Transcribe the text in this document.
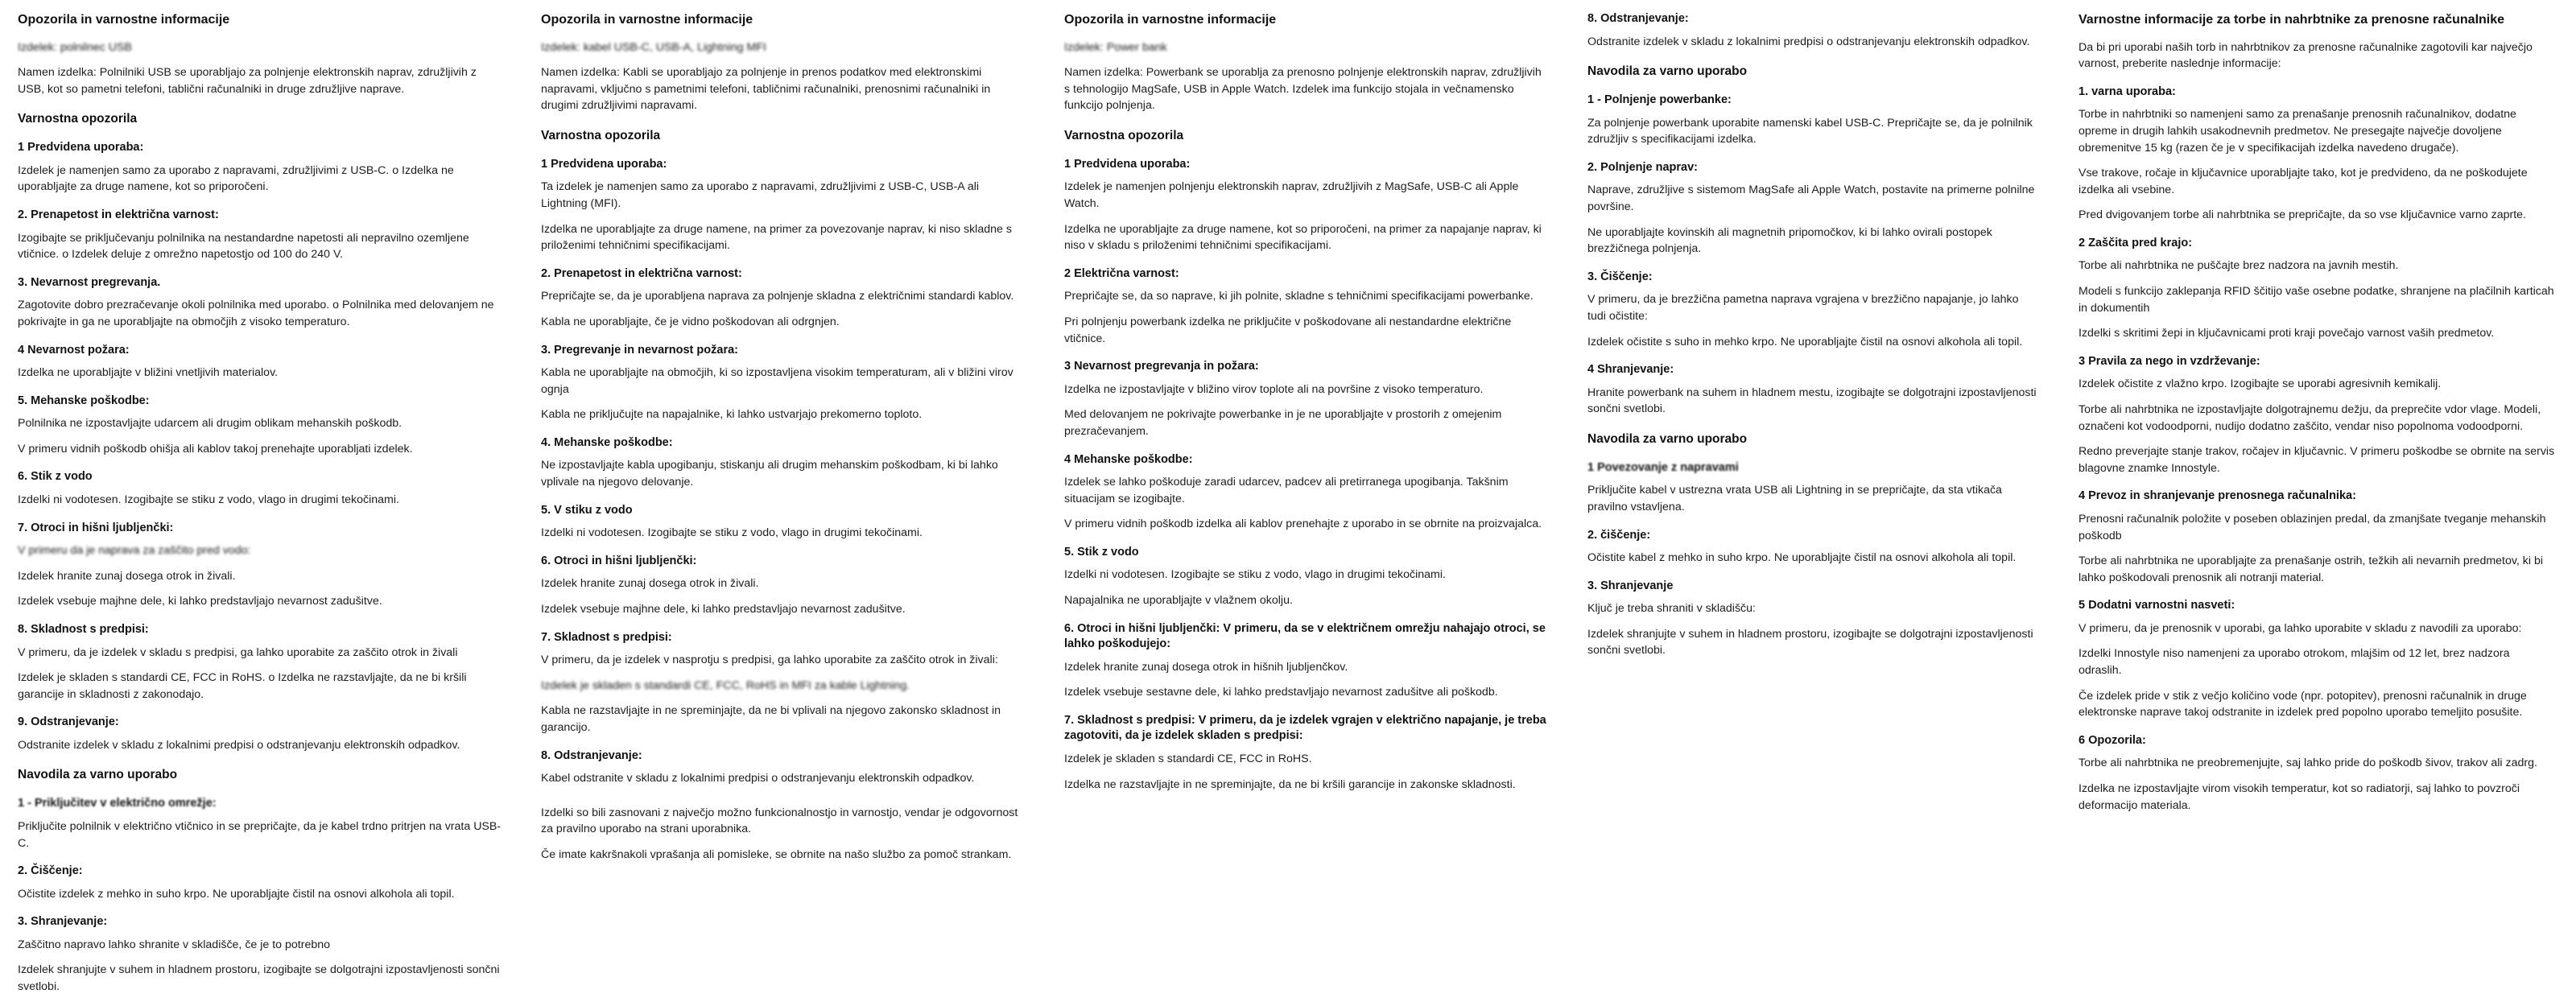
Opozorila in varnostne informacije

Izdelek: polnilnec USB

Namen izdelka: Polnilniki USB se uporabljajo za polnjenje elektronskih naprav, združljivih z USB, kot so pametni telefoni, tablični računalniki in druge združljive naprave.

Varnostna opozorila
1 Predvidena uporaba:

Izdelek je namenjen samo za uporabo z napravami, združljivimi z USB-C. o Izdelka ne uporabljajte za druge namene, kot so priporočeni.

2. Prenapetost in električna varnost:

Izogibajte se priključevanju polnilnika na nestandardne napetosti ali nepravilno ozemljene vtičnice. o Izdelek deluje z omrežno napetostjo od 100 do 240 V.

3. Nevarnost pregrevanja.

Zagotovite dobro prezračevanje okoli polnilnika med uporabo. o Polnilnika med delovanjem ne pokrivajte in ga ne uporabljajte na območjih z visoko temperaturo.

4 Nevarnost požara:

Izdelka ne uporabljajte v bližini vnetljivih materialov.

5. Mehanske poškodbe:

Polnilnika ne izpostavljajte udarcem ali drugim oblikam mehanskih poškodb.

V primeru vidnih poškodb ohišja ali kablov takoj prenehajte uporabljati izdelek.

6. Stik z vodo

Izdelki ni vodotesen. Izogibajte se stiku z vodo, vlago in drugimi tekočinami.

7. Otroci in hišni ljubljenčki:

V primeru da je naprava za zaščito pred vodo:

Izdelek hranite zunaj dosega otrok in živali.

Izdelek vsebuje majhne dele, ki lahko predstavljajo nevarnost zadušitve.

8. Skladnost s predpisi:

V primeru, da je izdelek v skladu s predpisi, ga lahko uporabite za zaščito otrok in živali

Izdelek je skladen s standardi CE, FCC in RoHS. o Izdelka ne razstavljajte, da ne bi kršili garancije in skladnosti z zakonodajo.

9. Odstranjevanje:

Odstranite izdelek v skladu z lokalnimi predpisi o odstranjevanju elektronskih odpadkov.

Navodila za varno uporabo
1 - Priključitev v električno omrežje:

Priključite polnilnik v električno vtičnico in se prepričajte, da je kabel trdno pritrjen na vrata USB-C.

2. Čiščenje:

Očistite izdelek z mehko in suho krpo. Ne uporabljajte čistil na osnovi alkohola ali topil.

3. Shranjevanje:

Zaščitno napravo lahko shranite v skladišče, če je to potrebno

Izdelek shranjujte v suhem in hladnem prostoru, izogibajte se dolgotrajni izpostavljenosti sončni svetlobi.

Opozorila in varnostne informacije

Izdelek: kabel USB-C, USB-A, Lightning MFI

Namen izdelka: Kabli se uporabljajo za polnjenje in prenos podatkov med elektronskimi napravami, vključno s pametnimi telefoni, tabličnimi računalniki, prenosnimi računalniki in drugimi združljivimi napravami.

Varnostna opozorila
1 Predvidena uporaba:

Ta izdelek je namenjen samo za uporabo z napravami, združljivimi z USB-C, USB-A ali Lightning (MFI).

Izdelka ne uporabljajte za druge namene, na primer za povezovanje naprav, ki niso skladne s priloženimi tehničnimi specifikacijami.

2. Prenapetost in električna varnost:

Prepričajte se, da je uporabljena naprava za polnjenje skladna z električnimi standardi kablov.

Kabla ne uporabljajte, če je vidno poškodovan ali odrgnjen.

3. Pregrevanje in nevarnost požara:

Kabla ne uporabljajte na območjih, ki so izpostavljena visokim temperaturam, ali v bližini virov ognja

Kabla ne priključujte na napajalnike, ki lahko ustvarjajo prekomerno toploto.

4. Mehanske poškodbe:

Ne izpostavljajte kabla upogibanju, stiskanju ali drugim mehanskim poškodbam, ki bi lahko vplivale na njegovo delovanje.

5. V stiku z vodo

Izdelki ni vodotesen. Izogibajte se stiku z vodo, vlago in drugimi tekočinami.

6. Otroci in hišni ljubljenčki:

Izdelek hranite zunaj dosega otrok in živali.

Izdelek vsebuje majhne dele, ki lahko predstavljajo nevarnost zadušitve.

7. Skladnost s predpisi:

V primeru, da je izdelek v nasprotju s predpisi, ga lahko uporabite za zaščito otrok in živali:

Izdelek je skladen s standardi CE, FCC, RoHS in MFI za kable Lightning.

Kabla ne razstavljajte in ne spreminjajte, da ne bi vplivali na njegovo zakonsko skladnost in garancijo.

8. Odstranjevanje:

Kabel odstranite v skladu z lokalnimi predpisi o odstranjevanju elektronskih odpadkov.

Izdelki so bili zasnovani z največjo možno funkcionalnostjo in varnostjo, vendar je odgovornost za pravilno uporabo na strani uporabnika.

Če imate kakršnakoli vprašanja ali pomisleke, se obrnite na našo službo za pomoč strankam.

Opozorila in varnostne informacije

Izdelek: Power bank

Namen izdelka: Powerbank se uporablja za prenosno polnjenje elektronskih naprav, združljivih s tehnologijo MagSafe, USB in Apple Watch. Izdelek ima funkcijo stojala in večnamensko funkcijo polnjenja.

Varnostna opozorila
1 Predvidena uporaba:

Izdelek je namenjen polnjenju elektronskih naprav, združljivih z MagSafe, USB-C ali Apple Watch.

Izdelka ne uporabljajte za druge namene, kot so priporočeni, na primer za napajanje naprav, ki niso v skladu s priloženimi tehničnimi specifikacijami.

2 Električna varnost:

Prepričajte se, da so naprave, ki jih polnite, skladne s tehničnimi specifikacijami powerbanke.

Pri polnjenju powerbank izdelka ne priključite v poškodovane ali nestandardne električne vtičnice.

3 Nevarnost pregrevanja in požara:

Izdelka ne izpostavljajte v bližino virov toplote ali na površine z visoko temperaturo.

Med delovanjem ne pokrivajte powerbanke in je ne uporabljajte v prostorih z omejenim prezračevanjem.

4 Mehanske poškodbe:

Izdelek se lahko poškoduje zaradi udarcev, padcev ali pretirranega upogibanja. Takšnim situacijam se izogibajte.

V primeru vidnih poškodb izdelka ali kablov prenehajte z uporabo in se obrnite na proizvajalca.

5. Stik z vodo

Izdelki ni vodotesen. Izogibajte se stiku z vodo, vlago in drugimi tekočinami.

Napajalnika ne uporabljajte v vlažnem okolju.

6. Otroci in hišni ljubljenčki: V primeru, da se v električnem omrežju nahajajo otroci, se lahko poškodujejo:

Izdelek hranite zunaj dosega otrok in hišnih ljubljenčkov.

Izdelek vsebuje sestavne dele, ki lahko predstavljajo nevarnost zadušitve ali poškodb.

7. Skladnost s predpisi: V primeru, da je izdelek vgrajen v električno napajanje, je treba zagotoviti, da je izdelek skladen s predpisi:

Izdelek je skladen s standardi CE, FCC in RoHS.

Izdelka ne razstavljajte in ne spreminjajte, da ne bi kršili garancije in zakonske skladnosti.

8. Odstranjevanje:

Odstranite izdelek v skladu z lokalnimi predpisi o odstranjevanju elektronskih odpadkov.

Navodila za varno uporabo
1 - Polnjenje powerbanke:

Za polnjenje powerbank uporabite namenski kabel USB-C. Prepričajte se, da je polnilnik združljiv s specifikacijami izdelka.

2. Polnjenje naprav:

Naprave, združljive s sistemom MagSafe ali Apple Watch, postavite na primerne polnilne površine.

Ne uporabljajte kovinskih ali magnetnih pripomočkov, ki bi lahko ovirali postopek brezžičnega polnjenja.

3. Čiščenje:

V primeru, da je brezžična pametna naprava vgrajena v brezžično napajanje, jo lahko tudi očistite:

Izdelek očistite s suho in mehko krpo. Ne uporabljajte čistil na osnovi alkohola ali topil.

4 Shranjevanje:

Hranite powerbank na suhem in hladnem mestu, izogibajte se dolgotrajni izpostavljenosti sončni svetlobi.

Navodila za varno uporabo
1 Povezovanje z napravami

Priključite kabel v ustrezna vrata USB ali Lightning in se prepričajte, da sta vtikača pravilno vstavljena.

2. čiščenje:

Očistite kabel z mehko in suho krpo. Ne uporabljajte čistil na osnovi alkohola ali topil.

3. Shranjevanje

Ključ je treba shraniti v skladišču:

Izdelek shranjujte v suhem in hladnem prostoru, izogibajte se dolgotrajni izpostavljenosti sončni svetlobi.

Varnostne informacije za torbe in nahrbtnike za prenosne računalnike

Da bi pri uporabi naših torb in nahrbtnikov za prenosne računalnike zagotovili kar največjo varnost, preberite naslednje informacije:

1. varna uporaba:

Torbe in nahrbtniki so namenjeni samo za prenašanje prenosnih računalnikov, dodatne opreme in drugih lahkih usakodnevnih predmetov. Ne presegajte največje dovoljene obremenitve 15 kg (razen če je v specifikacijah izdelka navedeno drugače).

Vse trakove, ročaje in ključavnice uporabljajte tako, kot je predvideno, da ne poškodujete izdelka ali vsebine.

Pred dvigovanjem torbe ali nahrbtnika se prepričajte, da so vse ključavnice varno zaprte.

2 Zaščita pred krajo:

Torbe ali nahrbtnika ne puščajte brez nadzora na javnih mestih.

Modeli s funkcijo zaklepanja RFID ščitijo vaše osebne podatke, shranjene na plačilnih karticah in dokumentih

Izdelki s skritimi žepi in ključavnicami proti kraji povečajo varnost vaših predmetov.

3 Pravila za nego in vzdrževanje:

Izdelek očistite z vlažno krpo. Izogibajte se uporabi agresivnih kemikalij.

Torbe ali nahrbtnika ne izpostavljajte dolgotrajnemu dežju, da preprečite vdor vlage. Modeli, označeni kot vodoodporni, nudijo dodatno zaščito, vendar niso popolnoma vodoodporni.

Redno preverjajte stanje trakov, ročajev in ključavnic. V primeru poškodbe se obrnite na servis blagovne znamke Innostyle.

4 Prevoz in shranjevanje prenosnega računalnika:

Prenosni računalnik položite v poseben oblazinjen predal, da zmanjšate tveganje mehanskih poškodb

Torbe ali nahrbtnika ne uporabljajte za prenašanje ostrih, težkih ali nevarnih predmetov, ki bi lahko poškodovali prenosnik ali notranji material.

5 Dodatni varnostni nasveti:

V primeru, da je prenosnik v uporabi, ga lahko uporabite v skladu z navodili za uporabo:

Izdelki Innostyle niso namenjeni za uporabo otrokom, mlajšim od 12 let, brez nadzora odraslih.

Če izdelek pride v stik z večjo količino vode (npr. potopitev), prenosni računalnik in druge elektronske naprave takoj odstranite in izdelek pred popolno uporabo temeljito posušite.

6 Opozorila:

Torbe ali nahrbtnika ne preobremenjujte, saj lahko pride do poškodb šivov, trakov ali zadrg.

Izdelka ne izpostavljajte virom visokih temperatur, kot so radiatorji, saj lahko to povzroči deformacijo materiala.
